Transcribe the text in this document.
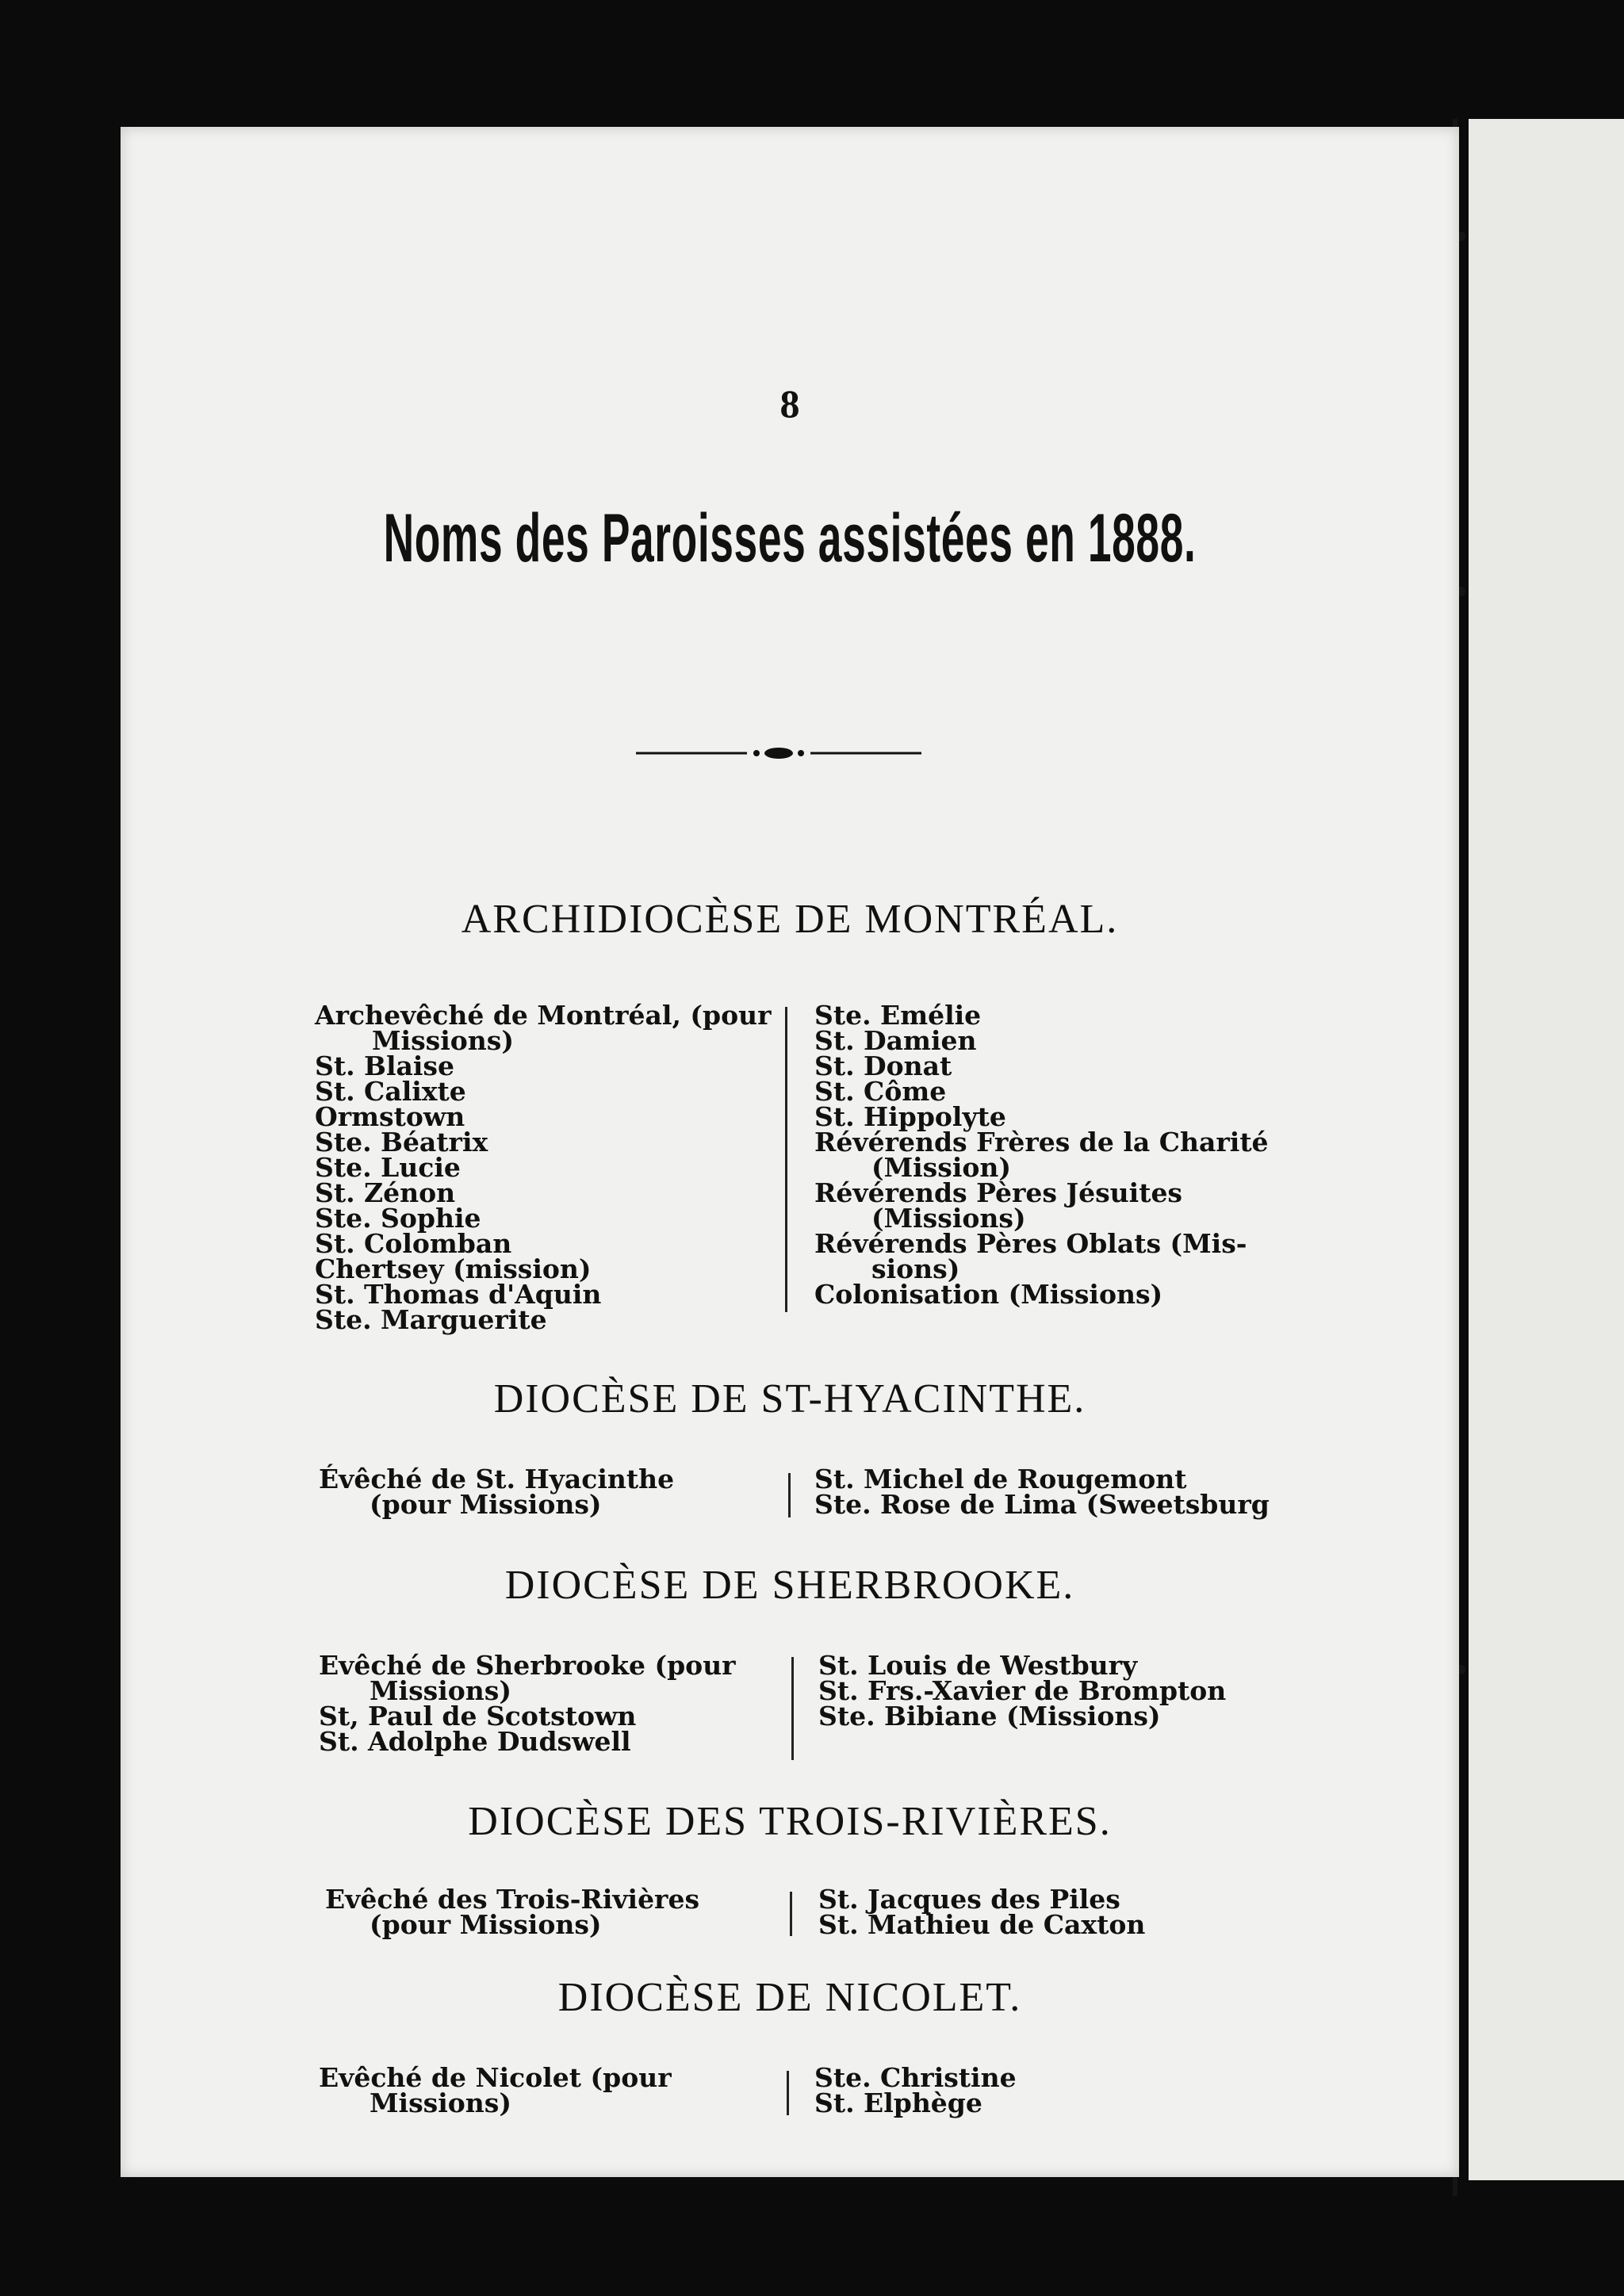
8
Noms des Paroisses assistées en 1888.
ARCHIDIOCÈSE DE MONTRÉAL.
Archevêché de Montréal, (pour
Missions)
St. Blaise
St. Calixte
Ormstown
Ste. Béatrix
Ste. Lucie
St. Zénon
Ste. Sophie
St. Colomban
Chertsey (mission)
St. Thomas d'Aquin
Ste. Marguerite
Ste. Emélie
St. Damien
St. Donat
St. Côme
St. Hippolyte
Révérends Frères de la Charité
(Mission)
Révérends Pères Jésuites
(Missions)
Révérends Pères Oblats (Mis-
sions)
Colonisation (Missions)
DIOCÈSE DE ST-HYACINTHE.
Évêché de St. Hyacinthe
(pour Missions)
St. Michel de Rougemont
Ste. Rose de Lima (Sweetsburg
DIOCÈSE DE SHERBROOKE.
Evêché de Sherbrooke (pour
Missions)
St, Paul de Scotstown
St. Adolphe Dudswell
St. Louis de Westbury
St. Frs.-Xavier de Brompton
Ste. Bibiane (Missions)
DIOCÈSE DES TROIS-RIVIÈRES.
Evêché des Trois-Rivières
(pour Missions)
St. Jacques des Piles
St. Mathieu de Caxton
DIOCÈSE DE NICOLET.
Evêché de Nicolet (pour
Missions)
Ste. Christine
St. Elphège
